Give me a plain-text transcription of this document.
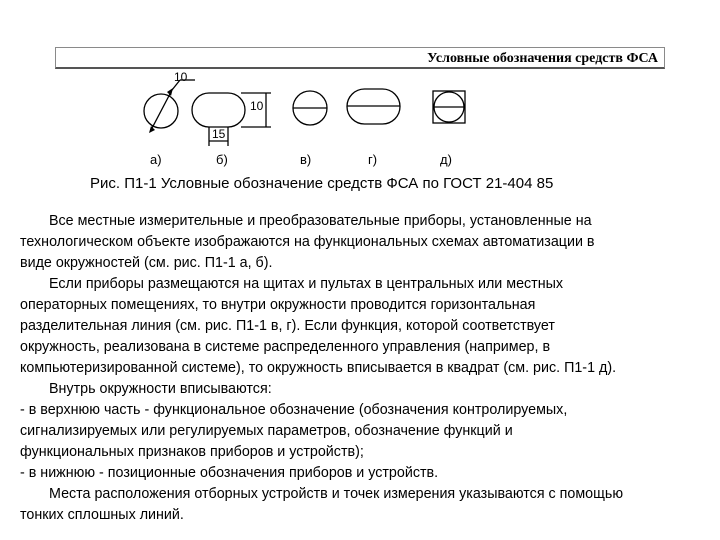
Условные обозначения средств ФСА
10
10
15
а)	б)	в)	г)	д)
Рис. П1-1 Условные обозначение средств ФСА по ГОСТ 21-404 85

Все местные измерительные и преобразовательные приборы, установленные на

технологическом объекте изображаются на функциональных схемах автоматизации в

виде окружностей (см. рис. П1-1 а, б).

Если приборы размещаются на щитах и пультах в центральных или местных

операторных помещениях, то внутри окружности проводится горизонтальная

разделительная линия (см. рис. П1-1 в, г). Если функция, которой соответствует

окружность, реализована в системе распределенного управления (например, в

компьютеризированной системе), то окружность вписывается в квадрат (см. рис. П1-1 д).

Внутрь окружности вписываются:

- в верхнюю часть - функциональное обозначение (обозначения контролируемых,

сигнализируемых или регулируемых параметров, обозначение функций и

функциональных признаков приборов и устройств);

- в нижнюю - позиционные обозначения приборов и устройств.

Места расположения отборных устройств и точек измерения указываются с помощью

тонких сплошных линий.
